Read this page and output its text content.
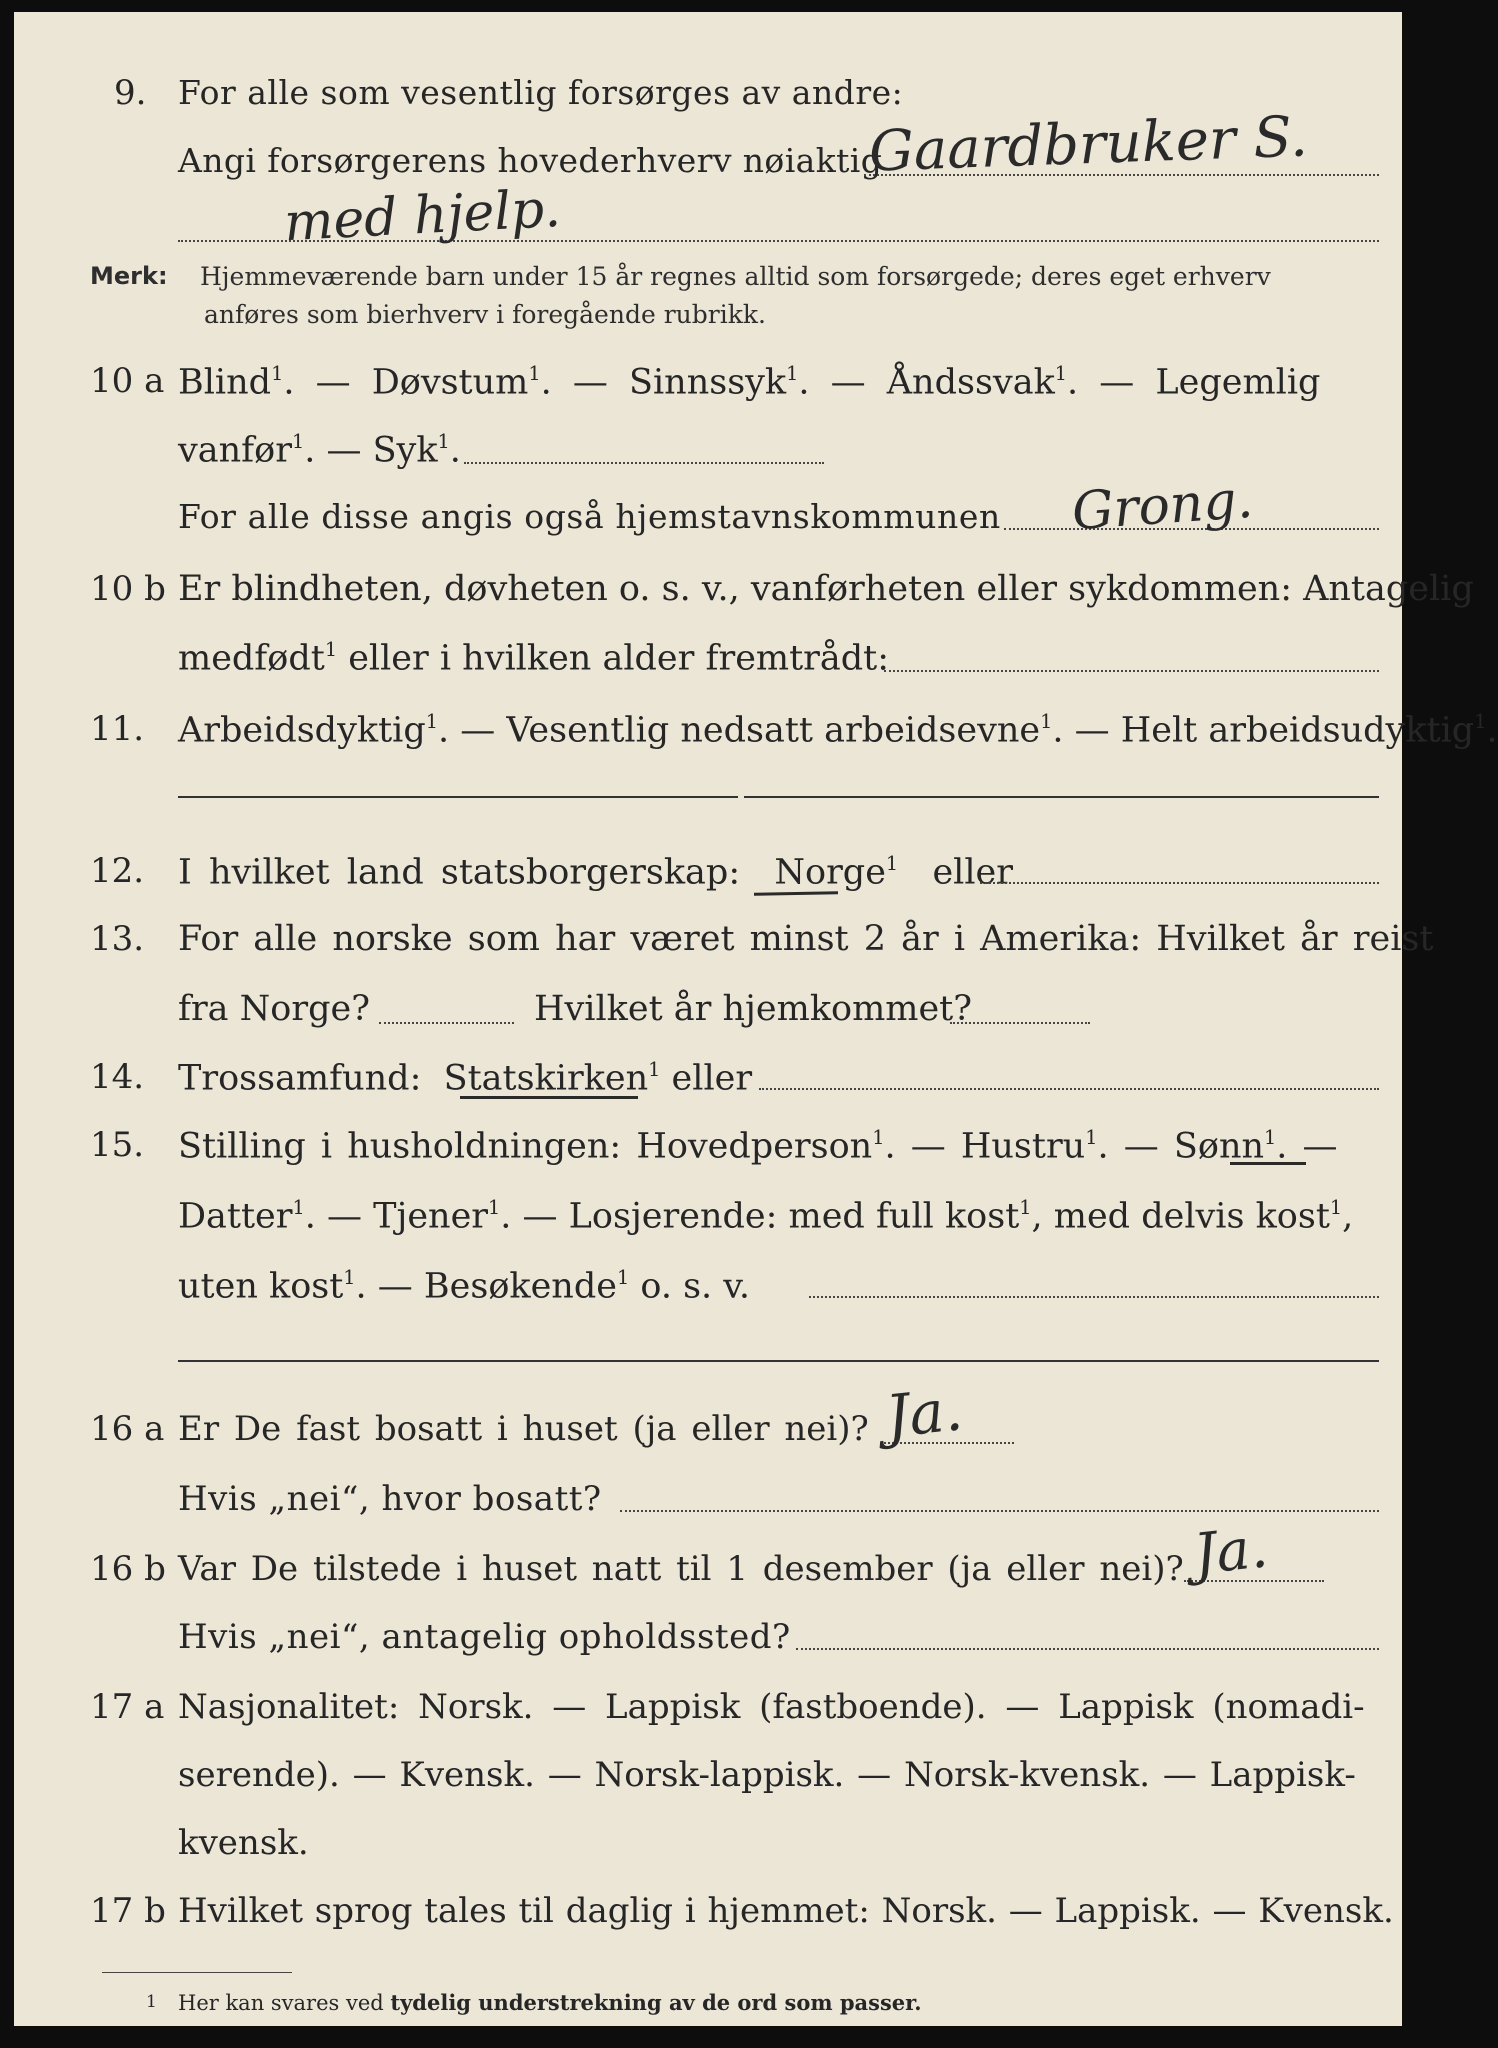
9. For alle som vesentlig forsørges av andre:
Angi forsørgerens hovederhverv nøiaktig
Gaardbruker S.
med hjelp.
Merk: Hjemmeværende barn under 15 år regnes alltid som forsørgede; deres eget erhverv
anføres som bierhverv i foregående rubrikk.
10 a Blind$^1$. — Døvstum$^1$. — Sinnssyk$^1$. — Åndssvak$^1$. — Legemlig
vanfør$^1$. — Syk$^1$.
For alle disse angis også hjemstavnskommunen Grong.
10 b Er blindheten, døvheten o. s. v., vanførheten eller sykdommen: Antagelig
medfødt$^1$ eller i hvilken alder fremtrådt:
11. Arbeidsdyktig$^1$. — Vesentlig nedsatt arbeidsevne$^1$. — Helt arbeidsudyktig$^1$.
12. I hvilket land statsborgerskap: Norge$^1$ eller
13. For alle norske som har været minst 2 år i Amerika: Hvilket år reist
fra Norge?	Hvilket år hjemkommet?
14. Trossamfund: Statskirken$^1$ eller
15. Stilling i husholdningen: Hovedperson$^1$. — Hustru$^1$. — Sønn$^1$. —
Datter$^1$. — Tjener$^1$. — Losjerende: med full kost$^1$, med delvis kost$^1$,
uten kost$^1$. — Besøkende$^1$ o. s. v.
16 a Er De fast bosatt i huset (ja eller nei)? Ja.
Hvis „nei“, hvor bosatt?
16 b Var De tilstede i huset natt til 1 desember (ja eller nei)? Ja.
Hvis „nei“, antagelig opholdssted?
17 a Nasjonalitet: Norsk. — Lappisk (fastboende). — Lappisk (nomadi-
serende). — Kvensk. — Norsk-lappisk. — Norsk-kvensk. — Lappisk-
kvensk.
17 b Hvilket sprog tales til daglig i hjemmet: Norsk. — Lappisk. — Kvensk.
1 Her kan svares ved tydelig understrekning av de ord som passer.
